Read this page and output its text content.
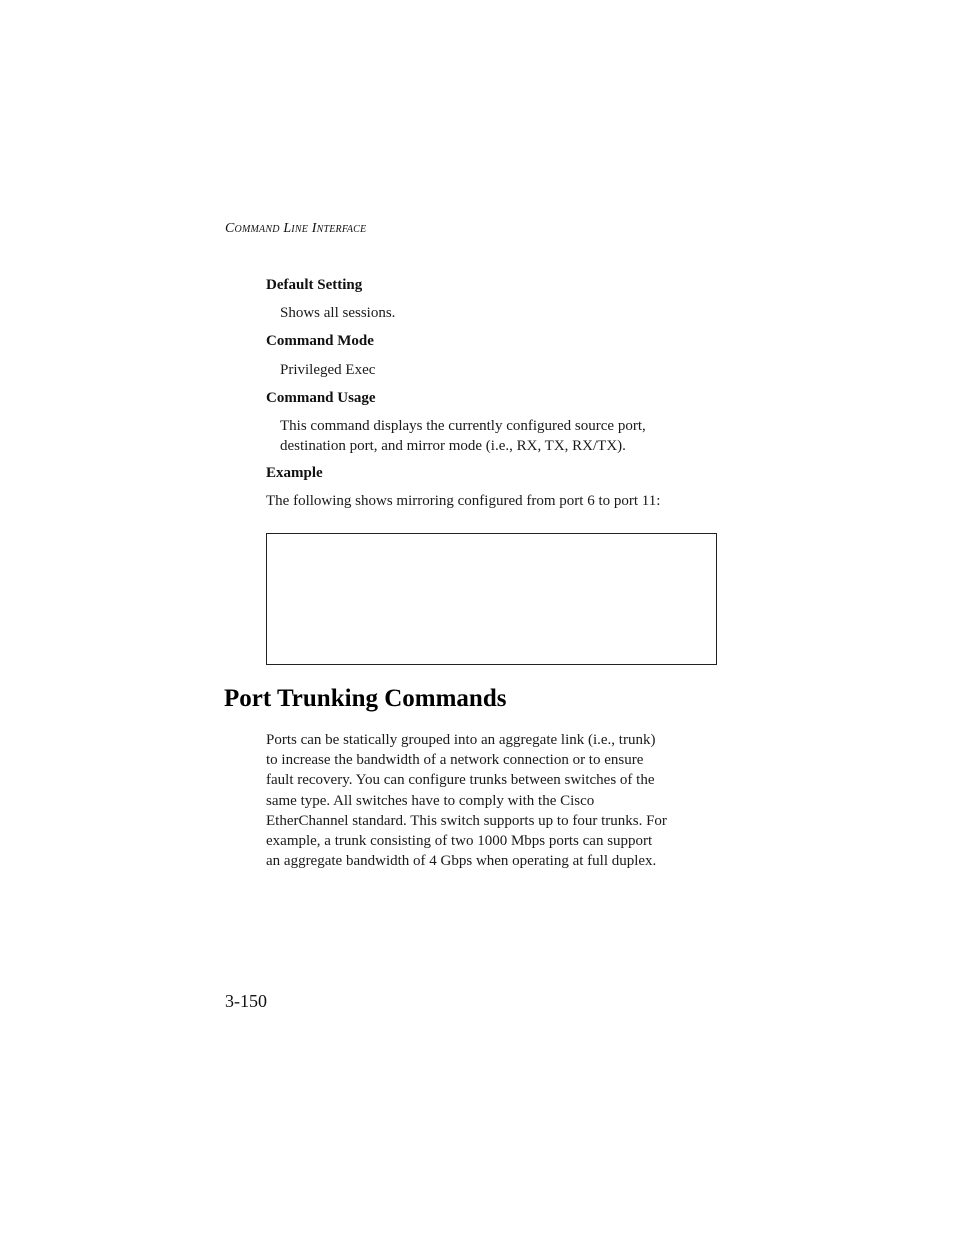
Command Line Interface
Default Setting
Shows all sessions.
Command Mode
Privileged Exec
Command Usage
This command displays the currently configured source port,
destination port, and mirror mode (i.e., RX, TX, RX/TX).
Example
The following shows mirroring configured from port 6 to port 11:
Port Trunking Commands
Ports can be statically grouped into an aggregate link (i.e., trunk)
to increase the bandwidth of a network connection or to ensure
fault recovery. You can configure trunks between switches of the
same type. All switches have to comply with the Cisco
EtherChannel standard. This switch supports up to four trunks. For
example, a trunk consisting of two 1000 Mbps ports can support
an aggregate bandwidth of 4 Gbps when operating at full duplex.
3-150
